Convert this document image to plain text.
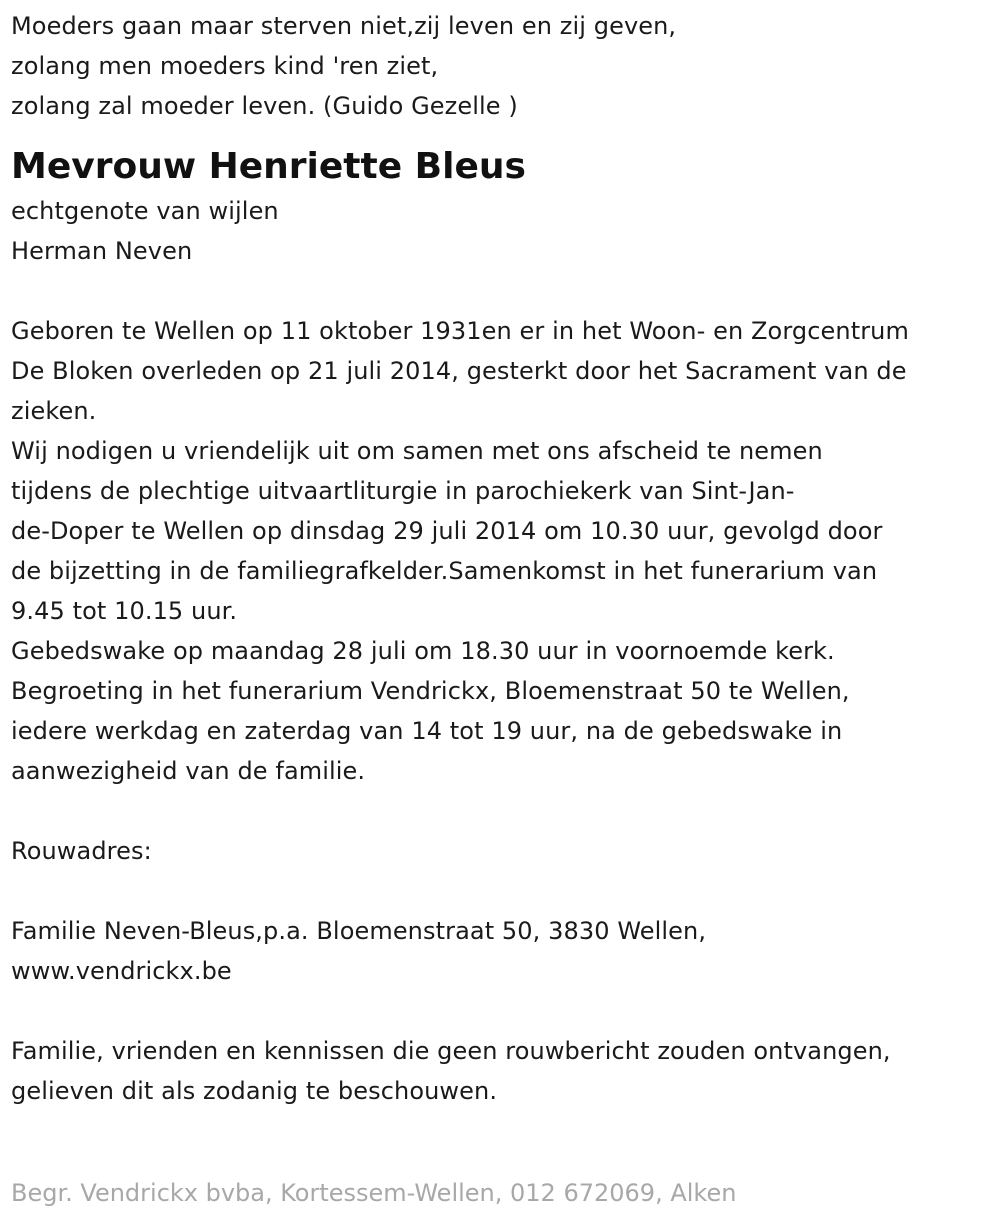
Moeders gaan maar sterven niet,zij leven en zij geven,
zolang men moeders kind 'ren ziet,
zolang zal moeder leven. (Guido Gezelle )
Mevrouw Henriette Bleus
echtgenote van wijlen
Herman Neven
Geboren te Wellen op 11 oktober 1931en er in het Woon- en Zorgcentrum
De Bloken overleden op 21 juli 2014, gesterkt door het Sacrament van de
zieken.
Wij nodigen u vriendelijk uit om samen met ons afscheid te nemen
tijdens de plechtige uitvaartliturgie in parochiekerk van Sint-Jan-
de-Doper te Wellen op dinsdag 29 juli 2014 om 10.30 uur, gevolgd door
de bijzetting in de familiegrafkelder.Samenkomst in het funerarium van
9.45 tot 10.15 uur.
Gebedswake op maandag 28 juli om 18.30 uur in voornoemde kerk.
Begroeting in het funerarium Vendrickx, Bloemenstraat 50 te Wellen,
iedere werkdag en zaterdag van 14 tot 19 uur, na de gebedswake in
aanwezigheid van de familie.
Rouwadres:
Familie Neven-Bleus,p.a. Bloemenstraat 50, 3830 Wellen,
www.vendrickx.be
Familie, vrienden en kennissen die geen rouwbericht zouden ontvangen,
gelieven dit als zodanig te beschouwen.
Begr. Vendrickx bvba, Kortessem-Wellen, 012 672069, Alken
